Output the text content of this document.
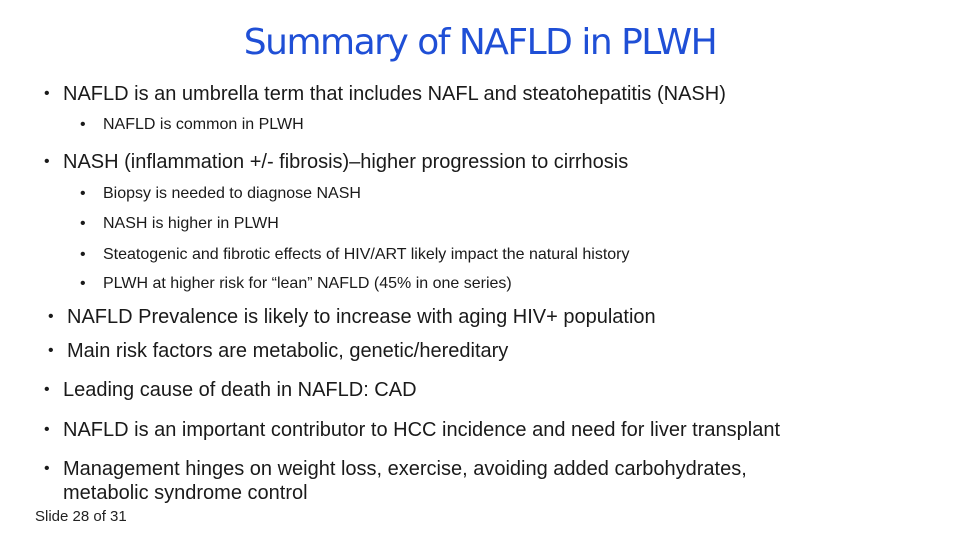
Summary of NAFLD in PLWH
• NAFLD is an umbrella term that includes NAFL and steatohepatitis (NASH)
•	NAFLD is common in PLWH
• NASH (inflammation +/- fibrosis)–higher progression to cirrhosis
•	Biopsy is needed to diagnose NASH
•	NASH is higher in PLWH
•	Steatogenic and fibrotic effects of HIV/ART likely impact the natural history
•	PLWH at higher risk for “lean” NAFLD (45% in one series)
• NAFLD Prevalence is likely to increase with aging HIV+ population
• Main risk factors are metabolic, genetic/hereditary
• Leading cause of death in NAFLD: CAD
• NAFLD is an important contributor to HCC incidence and need for liver transplant
• Management hinges on weight loss, exercise, avoiding added carbohydrates, metabolic syndrome control
Slide 28 of 31
